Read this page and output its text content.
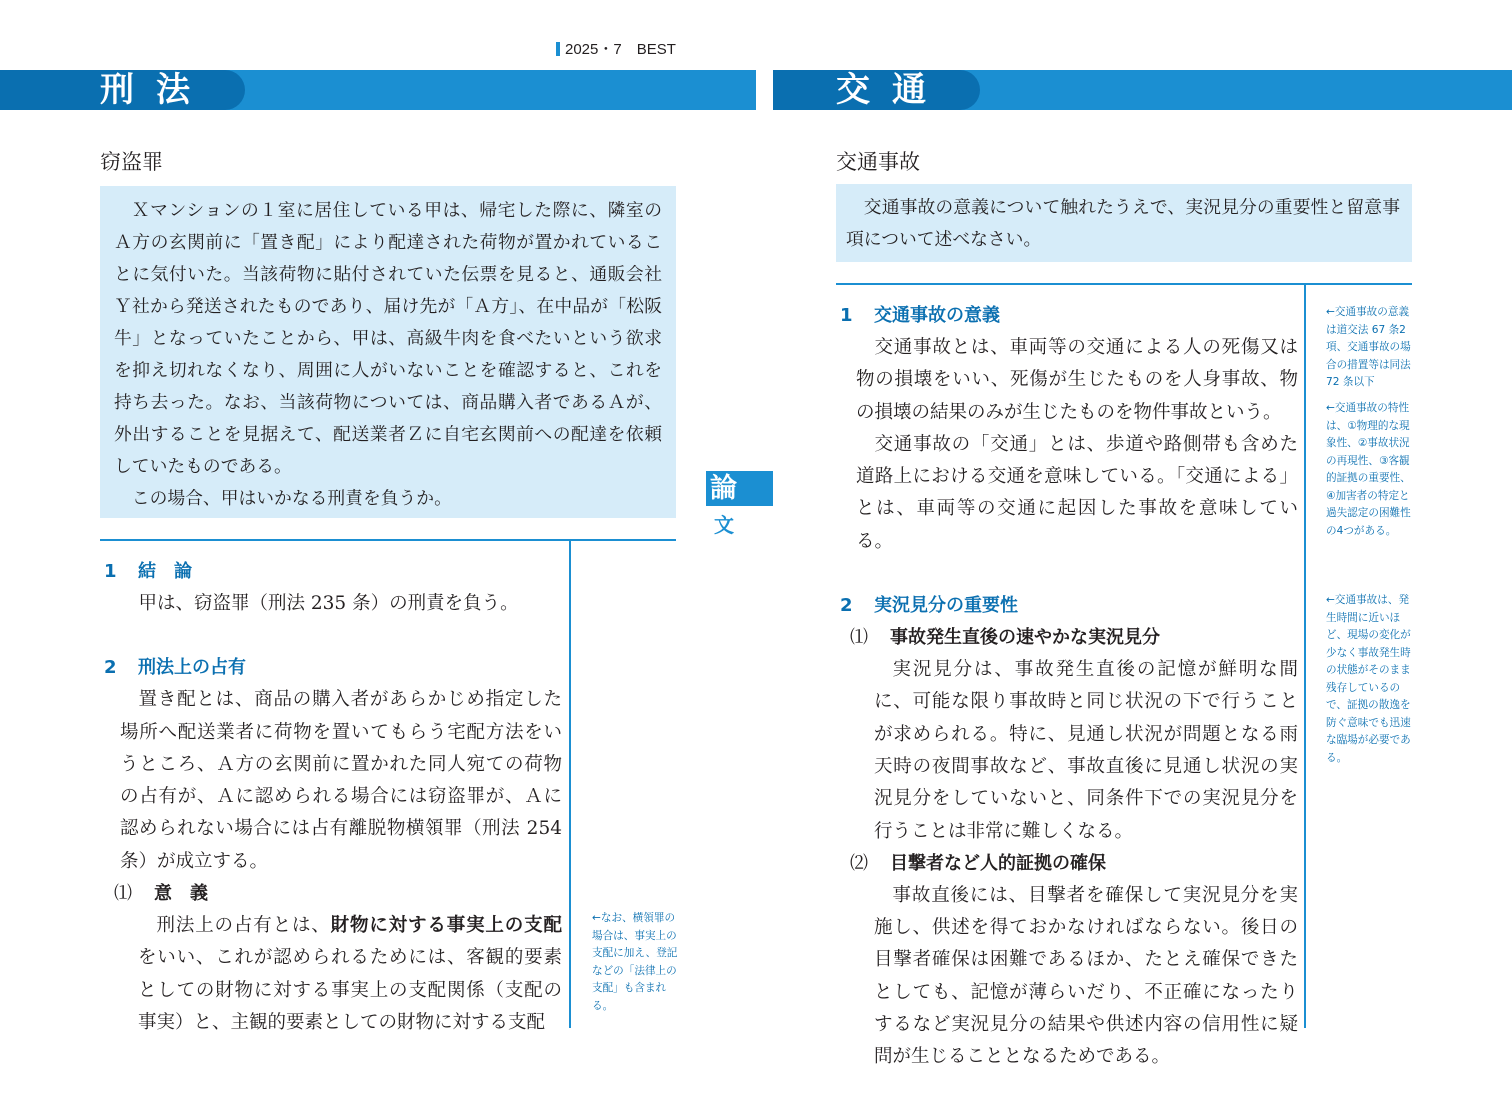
2025・7　BEST
刑法	交通
窃盗罪

Ｘマンションの１室に居住している甲は、帰宅した際に、隣室のＡ方の玄関前に「置き配」により配達された荷物が置かれていることに気付いた。当該荷物に貼付されていた伝票を見ると、通販会社Ｙ社から発送されたものであり、届け先が「Ａ方」、在中品が「松阪牛」となっていたことから、甲は、高級牛肉を食べたいという欲求を抑え切れなくなり、周囲に人がいないことを確認すると、これを持ち去った。なお、当該荷物については、商品購入者であるＡが、外出することを見据えて、配送業者Ｚに自宅玄関前への配達を依頼していたものである。

この場合、甲はいかなる刑責を負うか。

1 結　論

甲は、窃盗罪（刑法 235 条）の刑責を負う。

2 刑法上の占有

置き配とは、商品の購入者があらかじめ指定した場所へ配送業者に荷物を置いてもらう宅配方法をいうところ、Ａ方の玄関前に置かれた同人宛ての荷物の占有が、Ａに認められる場合には窃盗罪が、Ａに認められない場合には占有離脱物横領罪（刑法 254条）が成立する。

⑴ 意　義

刑法上の占有とは、財物に対する事実上の支配をいい、これが認められるためには、客観的要素としての財物に対する事実上の支配関係（支配の事実）と、主観的要素としての財物に対する支配

←なお、横領罪の場合は、事実上の支配に加え、登記などの「法律上の支配」も含まれる。
論
文
交通事故

交通事故の意義について触れたうえで、実況見分の重要性と留意事項について述べなさい。

1 交通事故の意義

交通事故とは、車両等の交通による人の死傷又は物の損壊をいい、死傷が生じたものを人身事故、物の損壊の結果のみが生じたものを物件事故という。

交通事故の「交通」とは、歩道や路側帯も含めた道路上における交通を意味している。「交通による」とは、車両等の交通に起因した事故を意味している。

2 実況見分の重要性
⑴ 事故発生直後の速やかな実況見分

実況見分は、事故発生直後の記憶が鮮明な間に、可能な限り事故時と同じ状況の下で行うことが求められる。特に、見通し状況が問題となる雨天時の夜間事故など、事故直後に見通し状況の実況見分をしていないと、同条件下での実況見分を行うことは非常に難しくなる。

⑵ 目撃者など人的証拠の確保

事故直後には、目撃者を確保して実況見分を実施し、供述を得ておかなければならない。後日の目撃者確保は困難であるほか、たとえ確保できたとしても、記憶が薄らいだり、不正確になったりするなど実況見分の結果や供述内容の信用性に疑問が生じることとなるためである。

←交通事故の意義は道交法 67 条2項、交通事故の場合の措置等は同法 72 条以下
←交通事故の特性は、①物理的な現象性、②事故状況の再現性、③客観的証拠の重要性、④加害者の特定と過失認定の困難性の4つがある。
←交通事故は、発生時間に近いほど、現場の変化が少なく事故発生時の状態がそのまま残存しているので、証拠の散逸を防ぐ意味でも迅速な臨場が必要である。
